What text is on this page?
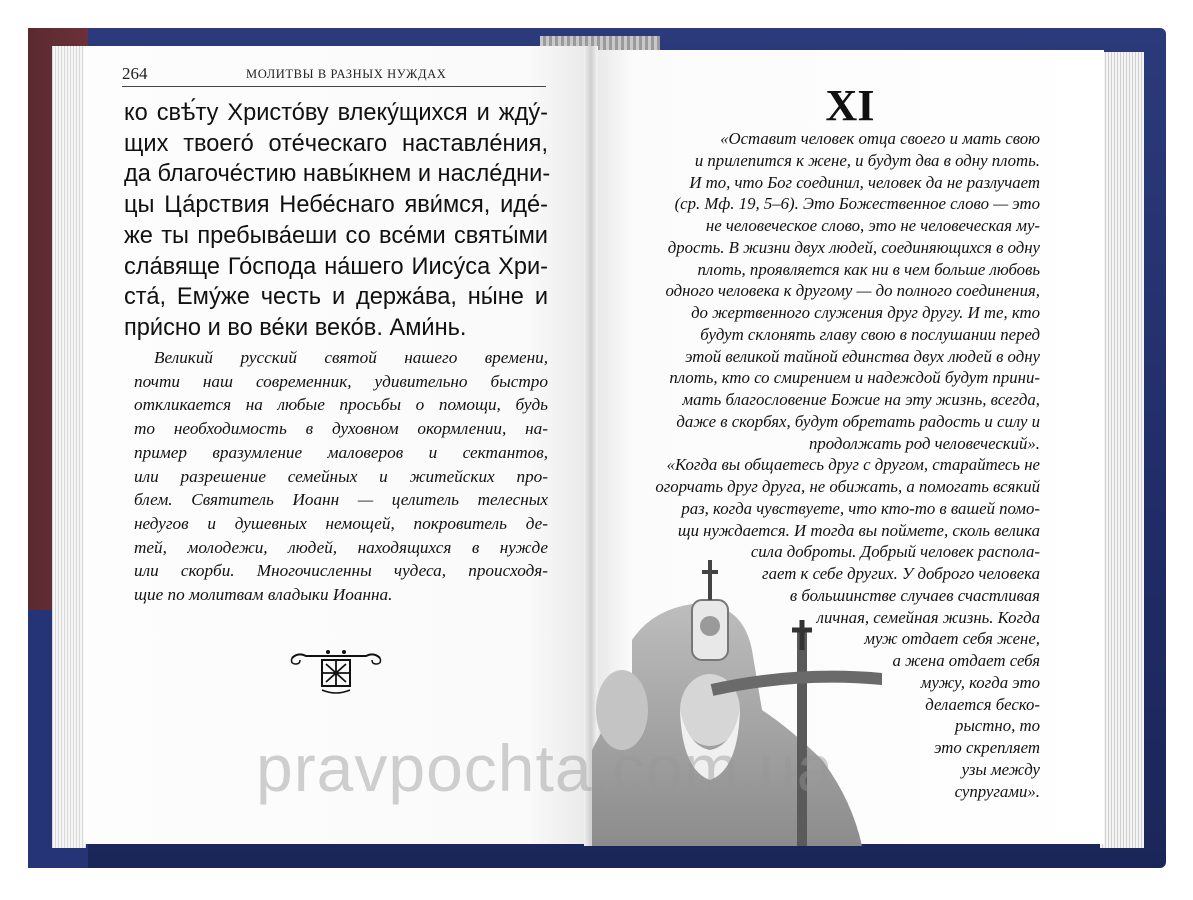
264	МОЛИТВЫ В РАЗНЫХ НУЖДАХ
ко свѣ́ту Христо́ву влеку́щихся и жду́-
щих твоего́ оте́ческаго наставле́ния,
да благоче́стию навы́кнем и насле́дни-
цы Ца́рствия Небе́снаго яви́мся, иде́-
же ты пребыва́еши со все́ми святы́ми
сла́вяще Го́спода на́шего Иису́са Хри-
ста́, Ему́же честь и держа́ва, ны́не и
при́сно и во ве́ки веко́в. Ами́нь.
Великий русский святой нашего времени,
почти наш современник, удивительно быстро
откликается на любые просьбы о помощи, будь
то необходимость в духовном окормлении, на-
пример вразумление маловеров и сектантов,
или разрешение семейных и житейских про-
блем. Святитель Иоанн — целитель телесных
недугов и душевных немощей, покровитель де-
тей, молодежи, людей, находящихся в нужде
или скорби. Многочисленны чудеса, происходя-
щие по молитвам владыки Иоанна.
XI
«Оставит человек отца своего и мать свою
и прилепится к жене, и будут два в одну плоть.
И то, что Бог соединил, человек да не разлучает
(ср. Мф. 19, 5–6). Это Божественное слово — это
не человеческое слово, это не человеческая му-
дрость. В жизни двух людей, соединяющихся в одну
плоть, проявляется как ни в чем больше любовь
одного человека к другому — до полного соединения,
до жертвенного служения друг другу. И те, кто
будут склонять главу свою в послушании перед
этой великой тайной единства двух людей в одну
плоть, кто со смирением и надеждой будут прини-
мать благословение Божие на эту жизнь, всегда,
даже в скорбях, будут обретать радость и силу и
продолжать род человеческий».
«Когда вы общаетесь друг с другом, старайтесь не
огорчать друг друга, не обижать, а помогать всякий
раз, когда чувствуете, что кто-то в вашей помо-
щи нуждается. И тогда вы поймете, сколь велика
сила доброты. Добрый человек распола-
гает к себе других. У доброго человека
в большинстве случаев счастливая
личная, семейная жизнь. Когда
муж отдает себя жене,
а жена отдает себя
мужу, когда это
делается беско-
рыстно, то
это скрепляет
узы между
супругами».
pravpochta.com.ua
